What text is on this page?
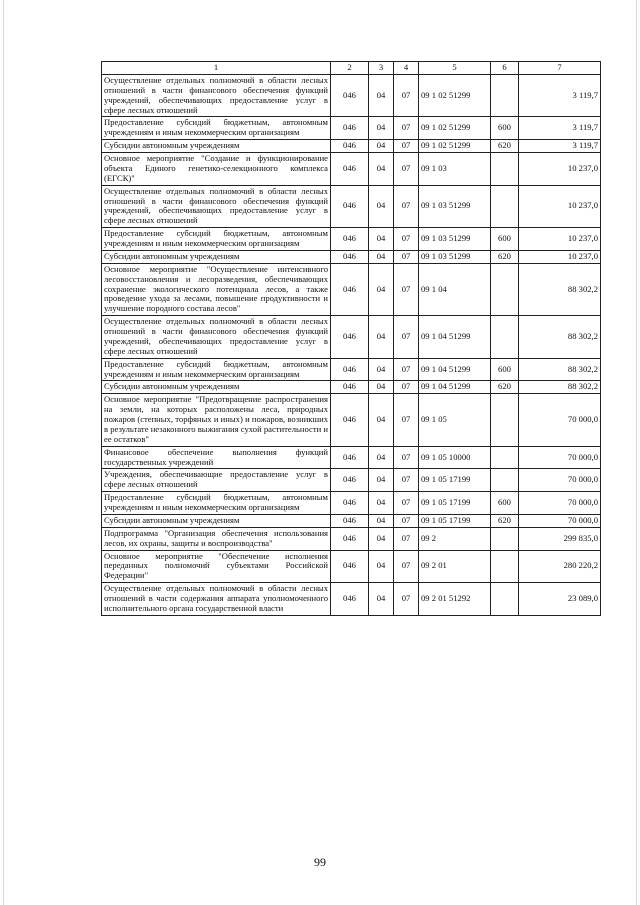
1	2	3	4	5	6	7
Осуществление отдельных полномочий в области лесных отношений в части финансового обеспечения функций учреждений, обеспечивающих предоставление услуг в сфере лесных отношений	046	04	07	09 1 02 51299		3 119,7
Предоставление субсидий бюджетным, автономным учреждениям и иным некоммерческим организациям	046	04	07	09 1 02 51299	600	3 119,7
Субсидии автономным учреждениям	046	04	07	09 1 02 51299	620	3 119,7
Основное мероприятие "Создание и функционирование объекта Единого генетико-селекционного комплекса (ЕГСК)"	046	04	07	09 1 03		10 237,0
Осуществление отдельных полномочий в области лесных отношений в части финансового обеспечения функций учреждений, обеспечивающих предоставление услуг в сфере лесных отношений	046	04	07	09 1 03 51299		10 237,0
Предоставление субсидий бюджетным, автономным учреждениям и иным некоммерческим организациям	046	04	07	09 1 03 51299	600	10 237,0
Субсидии автономным учреждениям	046	04	07	09 1 03 51299	620	10 237,0
Основное мероприятие "Осуществление интенсивного лесовосстановления и лесоразведения, обеспечивающих сохранение экологического потенциала лесов, а также проведение ухода за лесами, повышение продуктивности и улучшение породного состава лесов"	046	04	07	09 1 04		88 302,2
Осуществление отдельных полномочий в области лесных отношений в части финансового обеспечения функций учреждений, обеспечивающих предоставление услуг в сфере лесных отношений	046	04	07	09 1 04 51299		88 302,2
Предоставление субсидий бюджетным, автономным учреждениям и иным некоммерческим организациям	046	04	07	09 1 04 51299	600	88 302,2
Субсидии автономным учреждениям	046	04	07	09 1 04 51299	620	88 302,2
Основное мероприятие "Предотвращение распространения на земли, на которых расположены леса, природных пожаров (степных, торфяных и иных) и пожаров, возникших в результате незаконного выжигания сухой растительности и ее остатков"	046	04	07	09 1 05		70 000,0
Финансовое обеспечение выполнения функций государственных учреждений	046	04	07	09 1 05 10000		70 000,0
Учреждения, обеспечивающие предоставление услуг в сфере лесных отношений	046	04	07	09 1 05 17199		70 000,0
Предоставление субсидий бюджетным, автономным учреждениям и иным некоммерческим организациям	046	04	07	09 1 05 17199	600	70 000,0
Субсидии автономным учреждениям	046	04	07	09 1 05 17199	620	70 000,0
Подпрограмма "Организация обеспечения использования лесов, их охраны, защиты и воспроизводства"	046	04	07	09 2		299 835,0
Основное мероприятие "Обеспечение исполнения переданных полномочий субъектами Российской Федерации"	046	04	07	09 2 01		280 220,2
Осуществление отдельных полномочий в области лесных отношений в части содержания аппарата уполномоченного исполнительного органа государственной власти	046	04	07	09 2 01 51292		23 089,0
99
